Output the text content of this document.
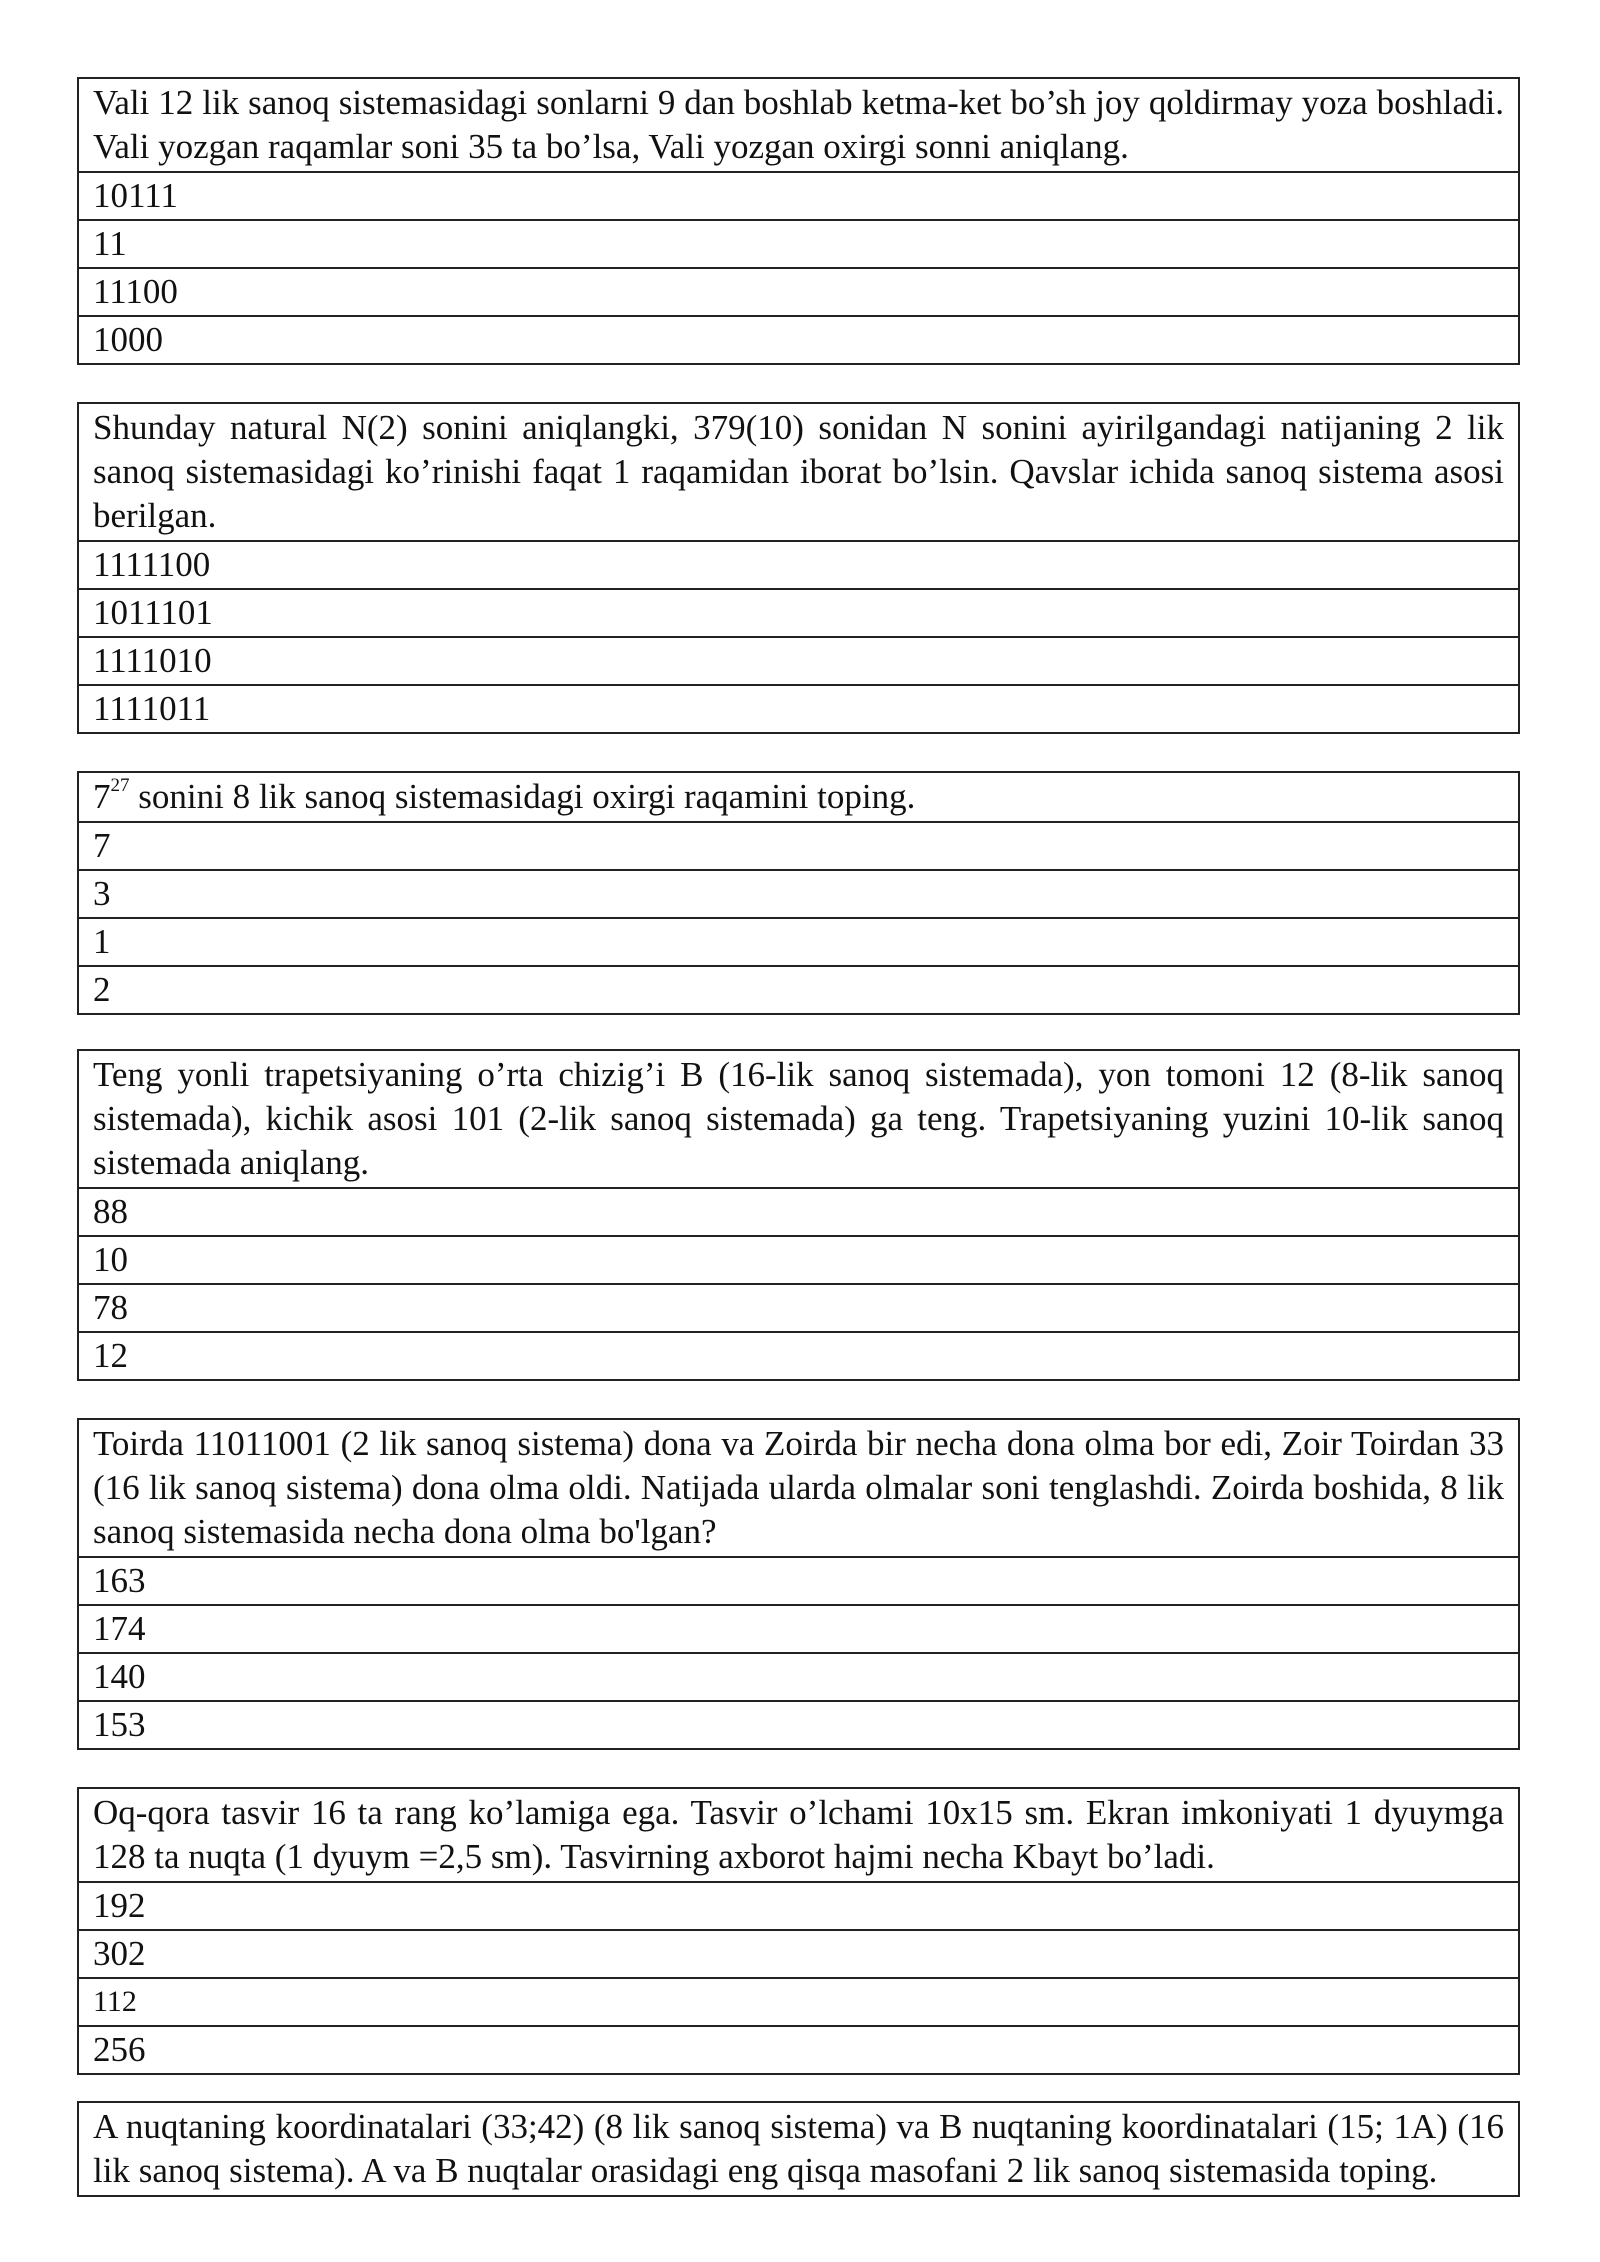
Vali 12 lik sanoq sistemasidagi sonlarni 9 dan boshlab ketma-ket bo’sh joy qoldirmay yoza boshladi. Vali yozgan raqamlar soni 35 ta bo’lsa, Vali yozgan oxirgi sonni aniqlang.
10111
11
11100
1000
Shunday natural N(2) sonini aniqlangki, 379(10) sonidan N sonini ayirilgandagi natijaning 2 lik sanoq sistemasidagi ko’rinishi faqat 1 raqamidan iborat bo’lsin. Qavslar ichida sanoq sistema asosi berilgan.
1111100
1011101
1111010
1111011
$7^{27}$ sonini 8 lik sanoq sistemasidagi oxirgi raqamini toping.
7
3
1
2
Teng yonli trapetsiyaning o’rta chizig’i B (16-lik sanoq sistemada), yon tomoni 12 (8-lik sanoq sistemada), kichik asosi 101 (2-lik sanoq sistemada) ga teng. Trapetsiyaning yuzini 10-lik sanoq sistemada aniqlang.
88
10
78
12
Toirda 11011001 (2 lik sanoq sistema) dona va Zoirda bir necha dona olma bor edi, Zoir Toirdan 33 (16 lik sanoq sistema) dona olma oldi. Natijada ularda olmalar soni tenglashdi. Zoirda boshida, 8 lik sanoq sistemasida necha dona olma bo'lgan?
163
174
140
153
Oq-qora tasvir 16 ta rang ko’lamiga ega. Tasvir o’lchami 10x15 sm. Ekran imkoniyati 1 dyuymga 128 ta nuqta (1 dyuym =2,5 sm). Tasvirning axborot hajmi necha Kbayt bo’ladi.
192
302
112
256
A nuqtaning koordinatalari (33;42) (8 lik sanoq sistema) va B nuqtaning koordinatalari (15; 1A) (16 lik sanoq sistema). A va B nuqtalar orasidagi eng qisqa masofani 2 lik sanoq sistemasida toping.
